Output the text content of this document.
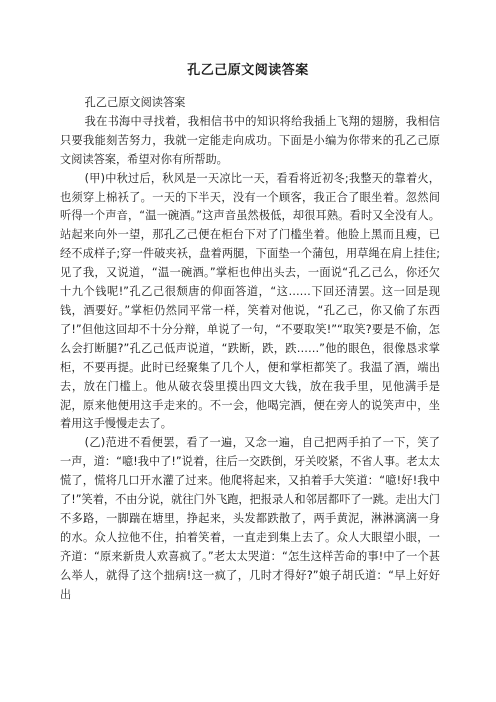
孔乙己原文阅读答案

孔乙己原文阅读答案

我在书海中寻找着，我相信书中的知识将给我插上飞翔的翅膀，我相信只要我能刻苦努力，我就一定能走向成功。下面是小编为你带来的孔乙己原文阅读答案，希望对你有所帮助。

(甲)中秋过后，秋风是一天凉比一天，看看将近初冬;我整天的靠着火，也须穿上棉袄了。一天的下半天，没有一个顾客，我正合了眼坐着。忽然间听得一个声音，“温一碗酒。”这声音虽然极低，却很耳熟。看时又全没有人。站起来向外一望，那孔乙己便在柜台下对了门槛坐着。他脸上黑而且瘦，已经不成样子;穿一件破夹袄，盘着两腿，下面垫一个蒲包，用草绳在肩上挂住;见了我，又说道，“温一碗酒。”掌柜也伸出头去，一面说“孔乙己么，你还欠十九个钱呢!”孔乙己很颓唐的仰面答道，“这……下回还清罢。这一回是现钱，酒要好。”掌柜仍然同平常一样，笑着对他说，“孔乙己，你又偷了东西了!”但他这回却不十分分辩，单说了一句，“不要取笑!”“取笑?要是不偷，怎么会打断腿?”孔乙己低声说道，“跌断，跌，跌……”他的眼色，很像恳求掌柜，不要再提。此时已经聚集了几个人，便和掌柜都笑了。我温了酒，端出去，放在门槛上。他从破衣袋里摸出四文大钱，放在我手里，见他满手是泥，原来他便用这手走来的。不一会，他喝完酒，便在旁人的说笑声中，坐着用这手慢慢走去了。

(乙)范进不看便罢，看了一遍，又念一遍，自己把两手拍了一下，笑了一声，道：“噫!我中了!”说着，往后一交跌倒，牙关咬紧，不省人事。老太太慌了，慌将几口开水灌了过来。他爬将起来，又拍着手大笑道：“噫!好!我中了!”笑着，不由分说，就往门外飞跑，把报录人和邻居都吓了一跳。走出大门不多路，一脚踹在塘里，挣起来，头发都跌散了，两手黄泥，淋淋漓漓一身的水。众人拉他不住，拍着笑着，一直走到集上去了。众人大眼望小眼，一齐道：“原来新贵人欢喜疯了。”老太太哭道：“怎生这样苦命的事!中了一个甚么举人，就得了这个拙病!这一疯了，几时才得好?”娘子胡氏道：“早上好好出
